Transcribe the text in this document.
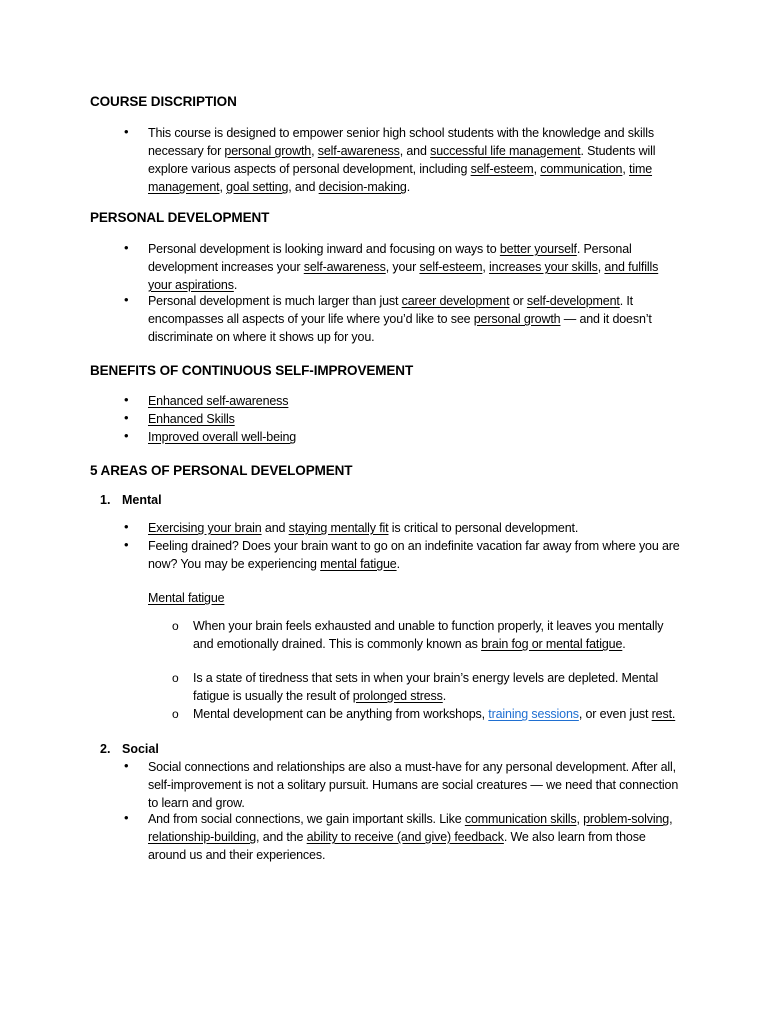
COURSE DISCRIPTION
• This course is designed to empower senior high school students with the knowledge and skills necessary for personal growth, self-awareness, and successful life management. Students will explore various aspects of personal development, including self-esteem, communication, time management, goal setting, and decision-making.
PERSONAL DEVELOPMENT
• Personal development is looking inward and focusing on ways to better yourself. Personal development increases your self-awareness, your self-esteem, increases your skills, and fulfills your aspirations.
• Personal development is much larger than just career development or self-development. It encompasses all aspects of your life where you’d like to see personal growth — and it doesn’t discriminate on where it shows up for you.
BENEFITS OF CONTINUOUS SELF-IMPROVEMENT
• Enhanced self-awareness
• Enhanced Skills
• Improved overall well-being
5 AREAS OF PERSONAL DEVELOPMENT
1. Mental
• Exercising your brain and staying mentally fit is critical to personal development.
• Feeling drained? Does your brain want to go on an indefinite vacation far away from where you are now? You may be experiencing mental fatigue.
Mental fatigue
o When your brain feels exhausted and unable to function properly, it leaves you mentally and emotionally drained. This is commonly known as brain fog or mental fatigue.
o Is a state of tiredness that sets in when your brain’s energy levels are depleted. Mental fatigue is usually the result of prolonged stress.
o Mental development can be anything from workshops, training sessions, or even just rest.
2. Social
• Social connections and relationships are also a must-have for any personal development. After all, self-improvement is not a solitary pursuit. Humans are social creatures — we need that connection to learn and grow.
• And from social connections, we gain important skills. Like communication skills, problem-solving, relationship-building, and the ability to receive (and give) feedback. We also learn from those around us and their experiences.
